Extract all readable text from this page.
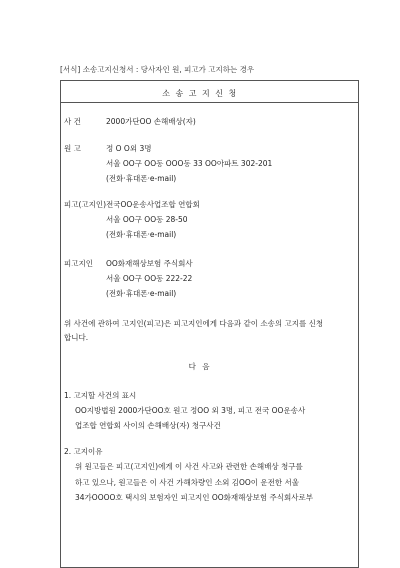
[서식] 소송고지신청서 : 당사자인 원, 피고가 고지하는 경우
소 송 고 지 신 청
사 건	2000가단OO 손해배상(자)
원 고	정 O O외 3명
서울 OO구 OO동 OOO동 33 OO아파트 302-201
(전화·휴대폰·e-mail)
피고(고지인) 전국OO운송사업조합 연합회
서울 OO구 OO동 28-50
(전화·휴대폰·e-mail)
피고지인 OO화재해상보험 주식회사
서울 OO구 OO동 222-22
(전화·휴대폰·e-mail)
위 사건에 관하여 고지인(피고)은 피고지인에게 다음과 같이 소송의 고지를 신청
합니다.
다 음
1. 고지할 사건의 표시
OO지방법원 2000가단OO호 원고 정OO 외 3명, 피고 전국 OO운송사
업조합 연합회 사이의 손해배상(자) 청구사건
2. 고지이유
위 원고들은 피고(고지인)에게 이 사건 사고와 관련한 손해배상 청구를
하고 있으나, 원고들은 이 사건 가해차량인 소외 김OO이 운전한 서울
34가OOOO호 택시의 보험자인 피고지인 OO화재해상보험 주식회사로부
